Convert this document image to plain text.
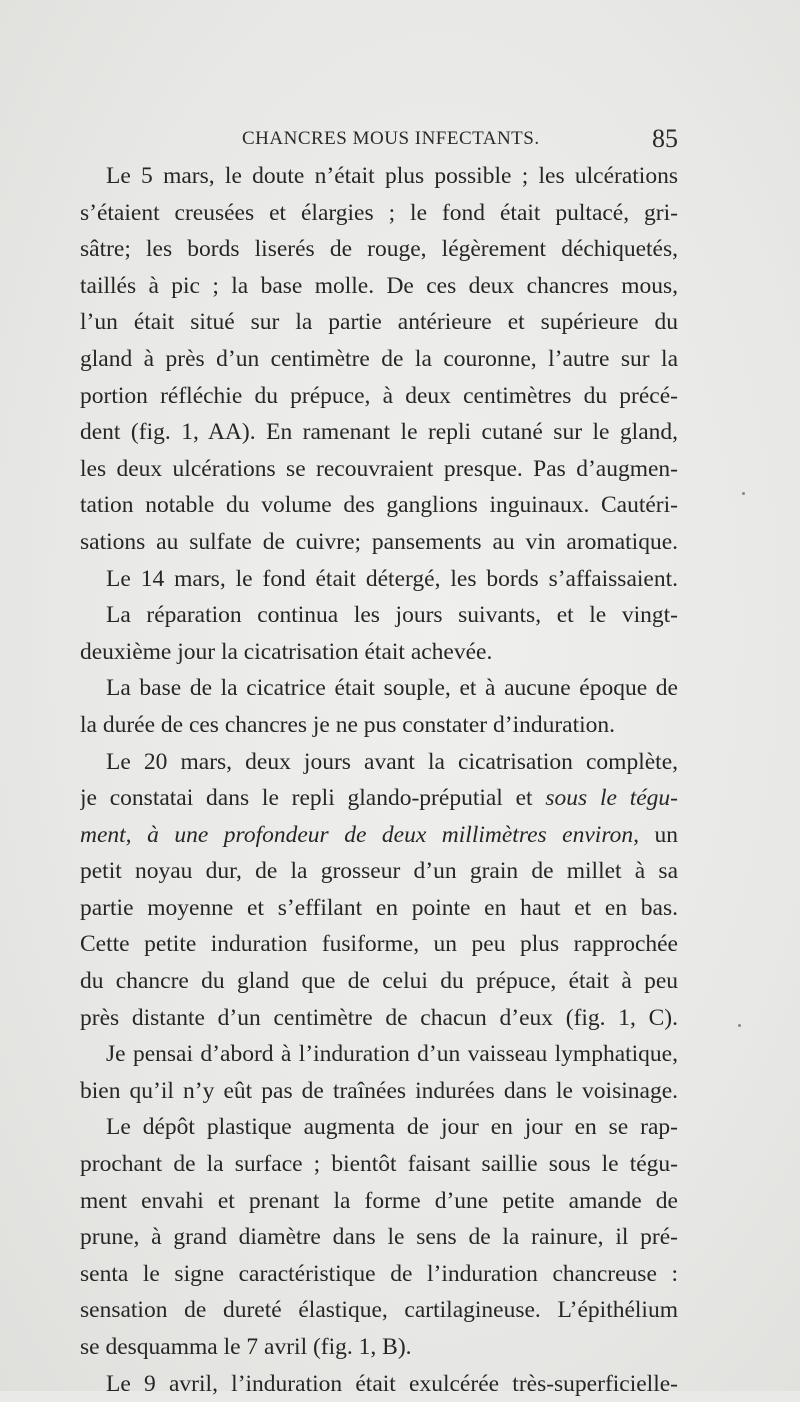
CHANCRES MOUS INFECTANTS.	85
Le 5 mars, le doute n’était plus possible ; les ulcérations
s’étaient creusées et élargies ; le fond était pultacé, gri-
sâtre; les bords liserés de rouge, légèrement déchiquetés,
taillés à pic ; la base molle. De ces deux chancres mous,
l’un était situé sur la partie antérieure et supérieure du
gland à près d’un centimètre de la couronne, l’autre sur la
portion réfléchie du prépuce, à deux centimètres du précé-
dent (fig. 1, AA). En ramenant le repli cutané sur le gland,
les deux ulcérations se recouvraient presque. Pas d’augmen-
tation notable du volume des ganglions inguinaux. Cautéri-
sations au sulfate de cuivre; pansements au vin aromatique.
Le 14 mars, le fond était détergé, les bords s’affaissaient.
La réparation continua les jours suivants, et le vingt-
deuxième jour la cicatrisation était achevée.
La base de la cicatrice était souple, et à aucune époque de
la durée de ces chancres je ne pus constater d’induration.
Le 20 mars, deux jours avant la cicatrisation complète,
je constatai dans le repli glando-préputial et sous le tégu-
ment, à une profondeur de deux millimètres environ, un
petit noyau dur, de la grosseur d’un grain de millet à sa
partie moyenne et s’effilant en pointe en haut et en bas.
Cette petite induration fusiforme, un peu plus rapprochée
du chancre du gland que de celui du prépuce, était à peu
près distante d’un centimètre de chacun d’eux (fig. 1, C).
Je pensai d’abord à l’induration d’un vaisseau lymphatique,
bien qu’il n’y eût pas de traînées indurées dans le voisinage.
Le dépôt plastique augmenta de jour en jour en se rap-
prochant de la surface ; bientôt faisant saillie sous le tégu-
ment envahi et prenant la forme d’une petite amande de
prune, à grand diamètre dans le sens de la rainure, il pré-
senta le signe caractéristique de l’induration chancreuse :
sensation de dureté élastique, cartilagineuse. L’épithélium
se desquamma le 7 avril (fig. 1, B).
Le 9 avril, l’induration était exulcérée très-superficielle-
